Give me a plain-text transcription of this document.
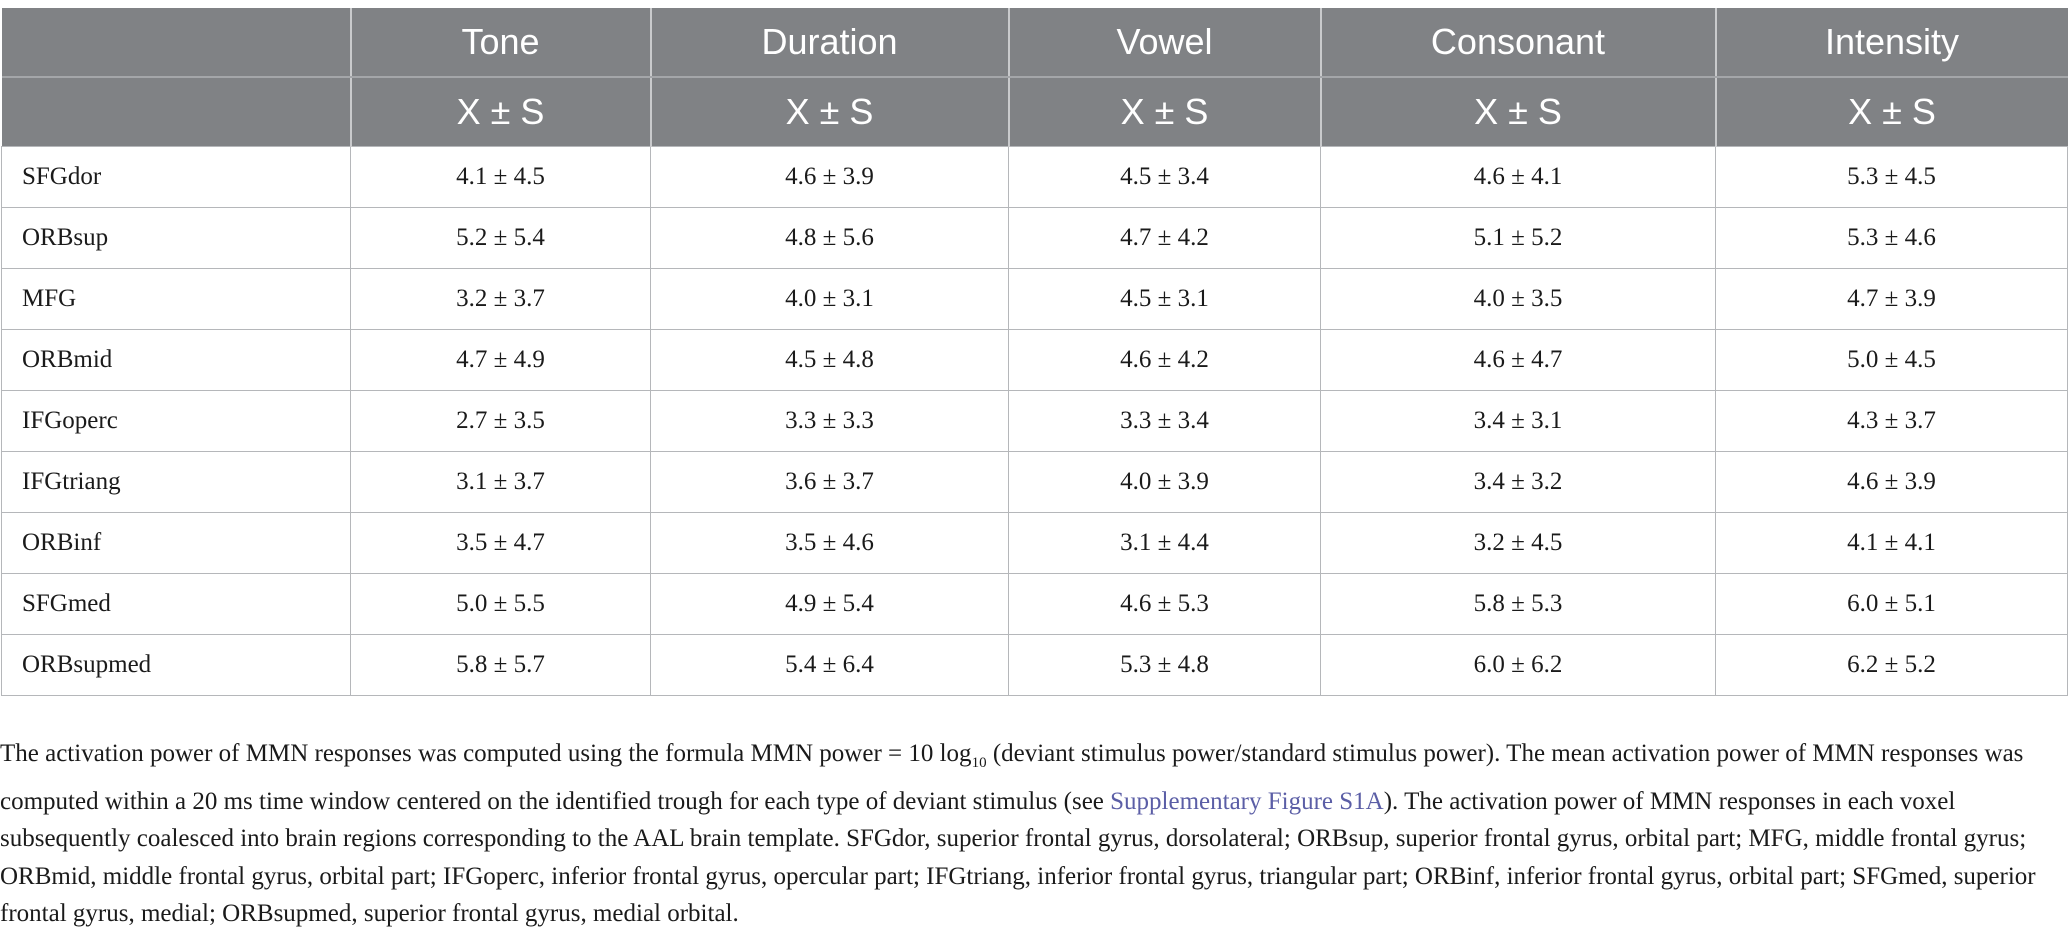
	Tone	Duration	Vowel	Consonant	Intensity
	X ± S	X ± S	X ± S	X ± S	X ± S
SFGdor	4.1 ± 4.5	4.6 ± 3.9	4.5 ± 3.4	4.6 ± 4.1	5.3 ± 4.5
ORBsup	5.2 ± 5.4	4.8 ± 5.6	4.7 ± 4.2	5.1 ± 5.2	5.3 ± 4.6
MFG	3.2 ± 3.7	4.0 ± 3.1	4.5 ± 3.1	4.0 ± 3.5	4.7 ± 3.9
ORBmid	4.7 ± 4.9	4.5 ± 4.8	4.6 ± 4.2	4.6 ± 4.7	5.0 ± 4.5
IFGoperc	2.7 ± 3.5	3.3 ± 3.3	3.3 ± 3.4	3.4 ± 3.1	4.3 ± 3.7
IFGtriang	3.1 ± 3.7	3.6 ± 3.7	4.0 ± 3.9	3.4 ± 3.2	4.6 ± 3.9
ORBinf	3.5 ± 4.7	3.5 ± 4.6	3.1 ± 4.4	3.2 ± 4.5	4.1 ± 4.1
SFGmed	5.0 ± 5.5	4.9 ± 5.4	4.6 ± 5.3	5.8 ± 5.3	6.0 ± 5.1
ORBsupmed	5.8 ± 5.7	5.4 ± 6.4	5.3 ± 4.8	6.0 ± 6.2	6.2 ± 5.2

The activation power of MMN responses was computed using the formula MMN power = 10 $\log_{10}$ (deviant stimulus power/standard stimulus power). The mean activation power of MMN responses was computed within a 20 ms time window centered on the identified trough for each type of deviant stimulus (see Supplementary Figure S1A). The activation power of MMN responses in each voxel subsequently coalesced into brain regions corresponding to the AAL brain template. SFGdor, superior frontal gyrus, dorsolateral; ORBsup, superior frontal gyrus, orbital part; MFG, middle frontal gyrus; ORBmid, middle frontal gyrus, orbital part; IFGoperc, inferior frontal gyrus, opercular part; IFGtriang, inferior frontal gyrus, triangular part; ORBinf, inferior frontal gyrus, orbital part; SFGmed, superior frontal gyrus, medial; ORBsupmed, superior frontal gyrus, medial orbital.
